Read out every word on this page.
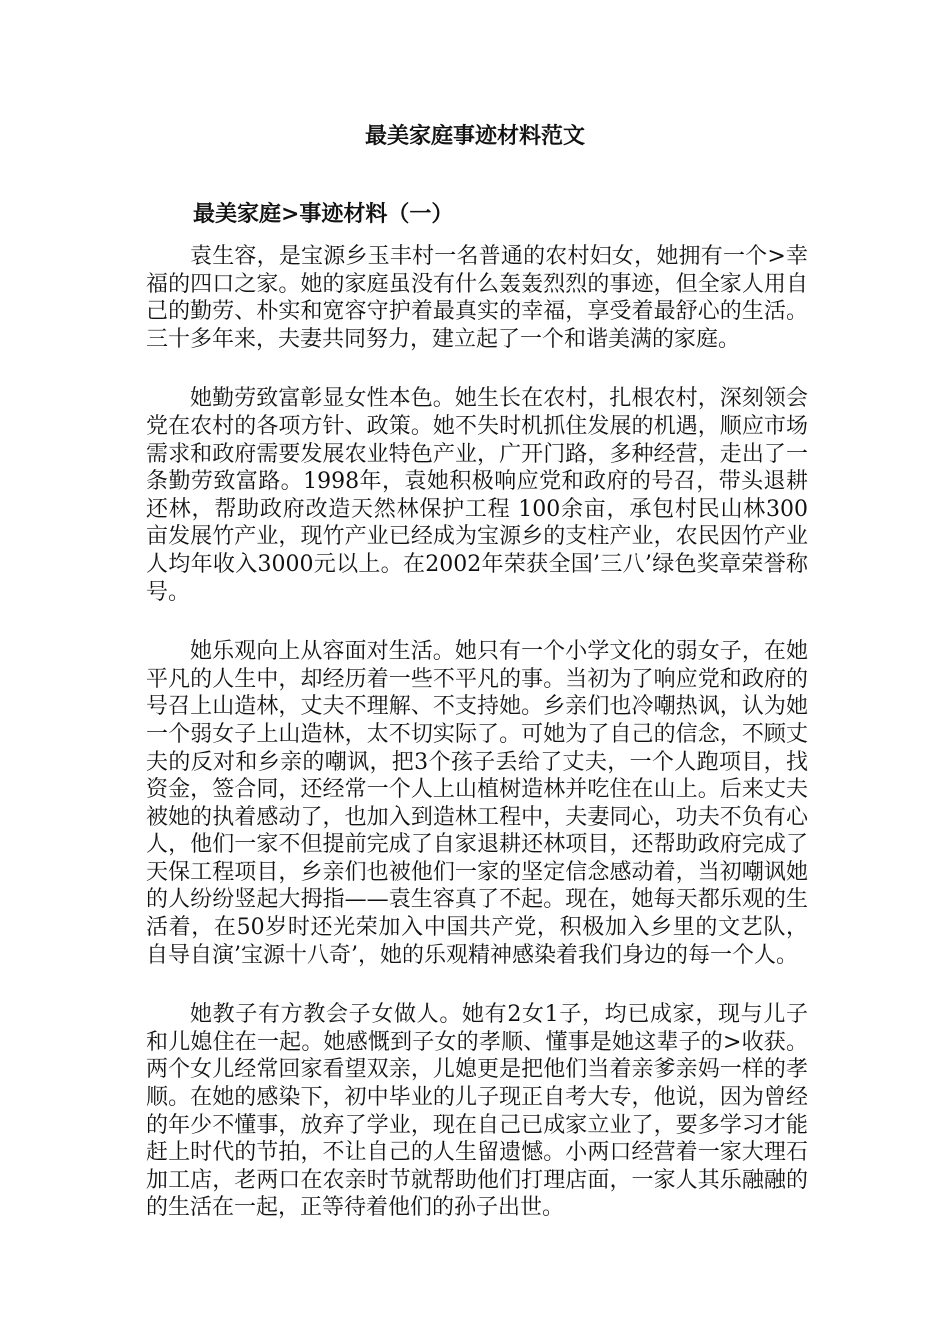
最美家庭事迹材料范文
最美家庭>事迹材料（一）

袁生容，是宝源乡玉丰村一名普通的农村妇女，她拥有一个>幸福的四口之家。她的家庭虽没有什么轰轰烈烈的事迹，但全家人用自己的勤劳、朴实和宽容守护着最真实的幸福，享受着最舒心的生活。三十多年来，夫妻共同努力，建立起了一个和谐美满的家庭。

她勤劳致富彰显女性本色。她生长在农村，扎根农村，深刻领会党在农村的各项方针、政策。她不失时机抓住发展的机遇，顺应市场需求和政府需要发展农业特色产业，广开门路，多种经营，走出了一条勤劳致富路。1998年，袁她积极响应党和政府的号召，带头退耕还林，帮助政府改造天然林保护工程 100余亩，承包村民山林300亩发展竹产业，现竹产业已经成为宝源乡的支柱产业，农民因竹产业人均年收入3000元以上。在2002年荣获全国’三八’绿色奖章荣誉称号。

她乐观向上从容面对生活。她只有一个小学文化的弱女子，在她平凡的人生中，却经历着一些不平凡的事。当初为了响应党和政府的号召上山造林，丈夫不理解、不支持她。乡亲们也冷嘲热讽，认为她一个弱女子上山造林，太不切实际了。可她为了自己的信念，不顾丈夫的反对和乡亲的嘲讽，把3个孩子丢给了丈夫，一个人跑项目，找资金，签合同，还经常一个人上山植树造林并吃住在山上。后来丈夫被她的执着感动了，也加入到造林工程中，夫妻同心，功夫不负有心人，他们一家不但提前完成了自家退耕还林项目，还帮助政府完成了天保工程项目，乡亲们也被他们一家的坚定信念感动着，当初嘲讽她的人纷纷竖起大拇指——袁生容真了不起。现在，她每天都乐观的生活着，在50岁时还光荣加入中国共产党，积极加入乡里的文艺队，自导自演’宝源十八奇’，她的乐观精神感染着我们身边的每一个人。

她教子有方教会子女做人。她有2女1子，均已成家，现与儿子和儿媳住在一起。她感慨到子女的孝顺、懂事是她这辈子的>收获。两个女儿经常回家看望双亲，儿媳更是把他们当着亲爹亲妈一样的孝顺。在她的感染下，初中毕业的儿子现正自考大专，他说，因为曾经的年少不懂事，放弃了学业，现在自己已成家立业了，要多学习才能赶上时代的节拍，不让自己的人生留遗憾。小两口经营着一家大理石加工店，老两口在农亲时节就帮助他们打理店面，一家人其乐融融的的生活在一起，正等待着他们的孙子出世。
